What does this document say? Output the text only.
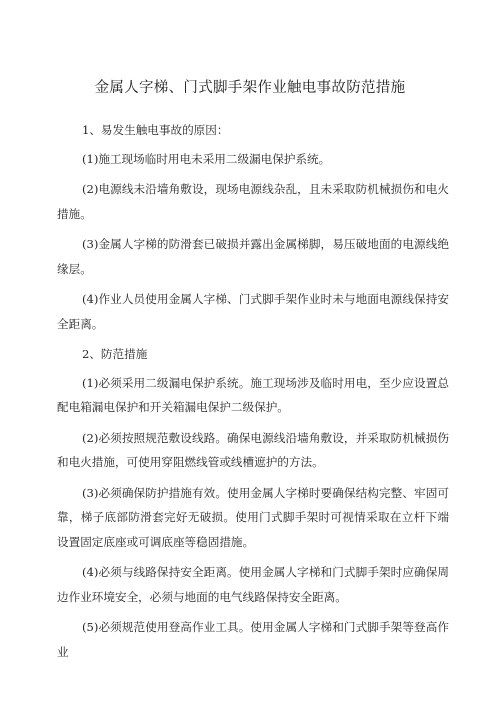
金属人字梯、门式脚手架作业触电事故防范措施

1、易发生触电事故的原因：

(1)施工现场临时用电未采用二级漏电保护系统。

(2)电源线未沿墙角敷设，现场电源线杂乱，且未采取防机械损伤和电火措施。

(3)金属人字梯的防滑套已破损并露出金属梯脚，易压破地面的电源线绝缘层。

(4)作业人员使用金属人字梯、门式脚手架作业时未与地面电源线保持安全距离。

2、防范措施

(1)必须采用二级漏电保护系统。施工现场涉及临时用电，至少应设置总配电箱漏电保护和开关箱漏电保护二级保护。

(2)必须按照规范敷设线路。确保电源线沿墙角敷设，并采取防机械损伤和电火措施，可使用穿阻燃线管或线槽遮护的方法。

(3)必须确保防护措施有效。使用金属人字梯时要确保结构完整、牢固可靠，梯子底部防滑套完好无破损。使用门式脚手架时可视情采取在立杆下端设置固定底座或可调底座等稳固措施。

(4)必须与线路保持安全距离。使用金属人字梯和门式脚手架时应确保周边作业环境安全，必须与地面的电气线路保持安全距离。

(5)必须规范使用登高作业工具。使用金属人字梯和门式脚手架等登高作业
